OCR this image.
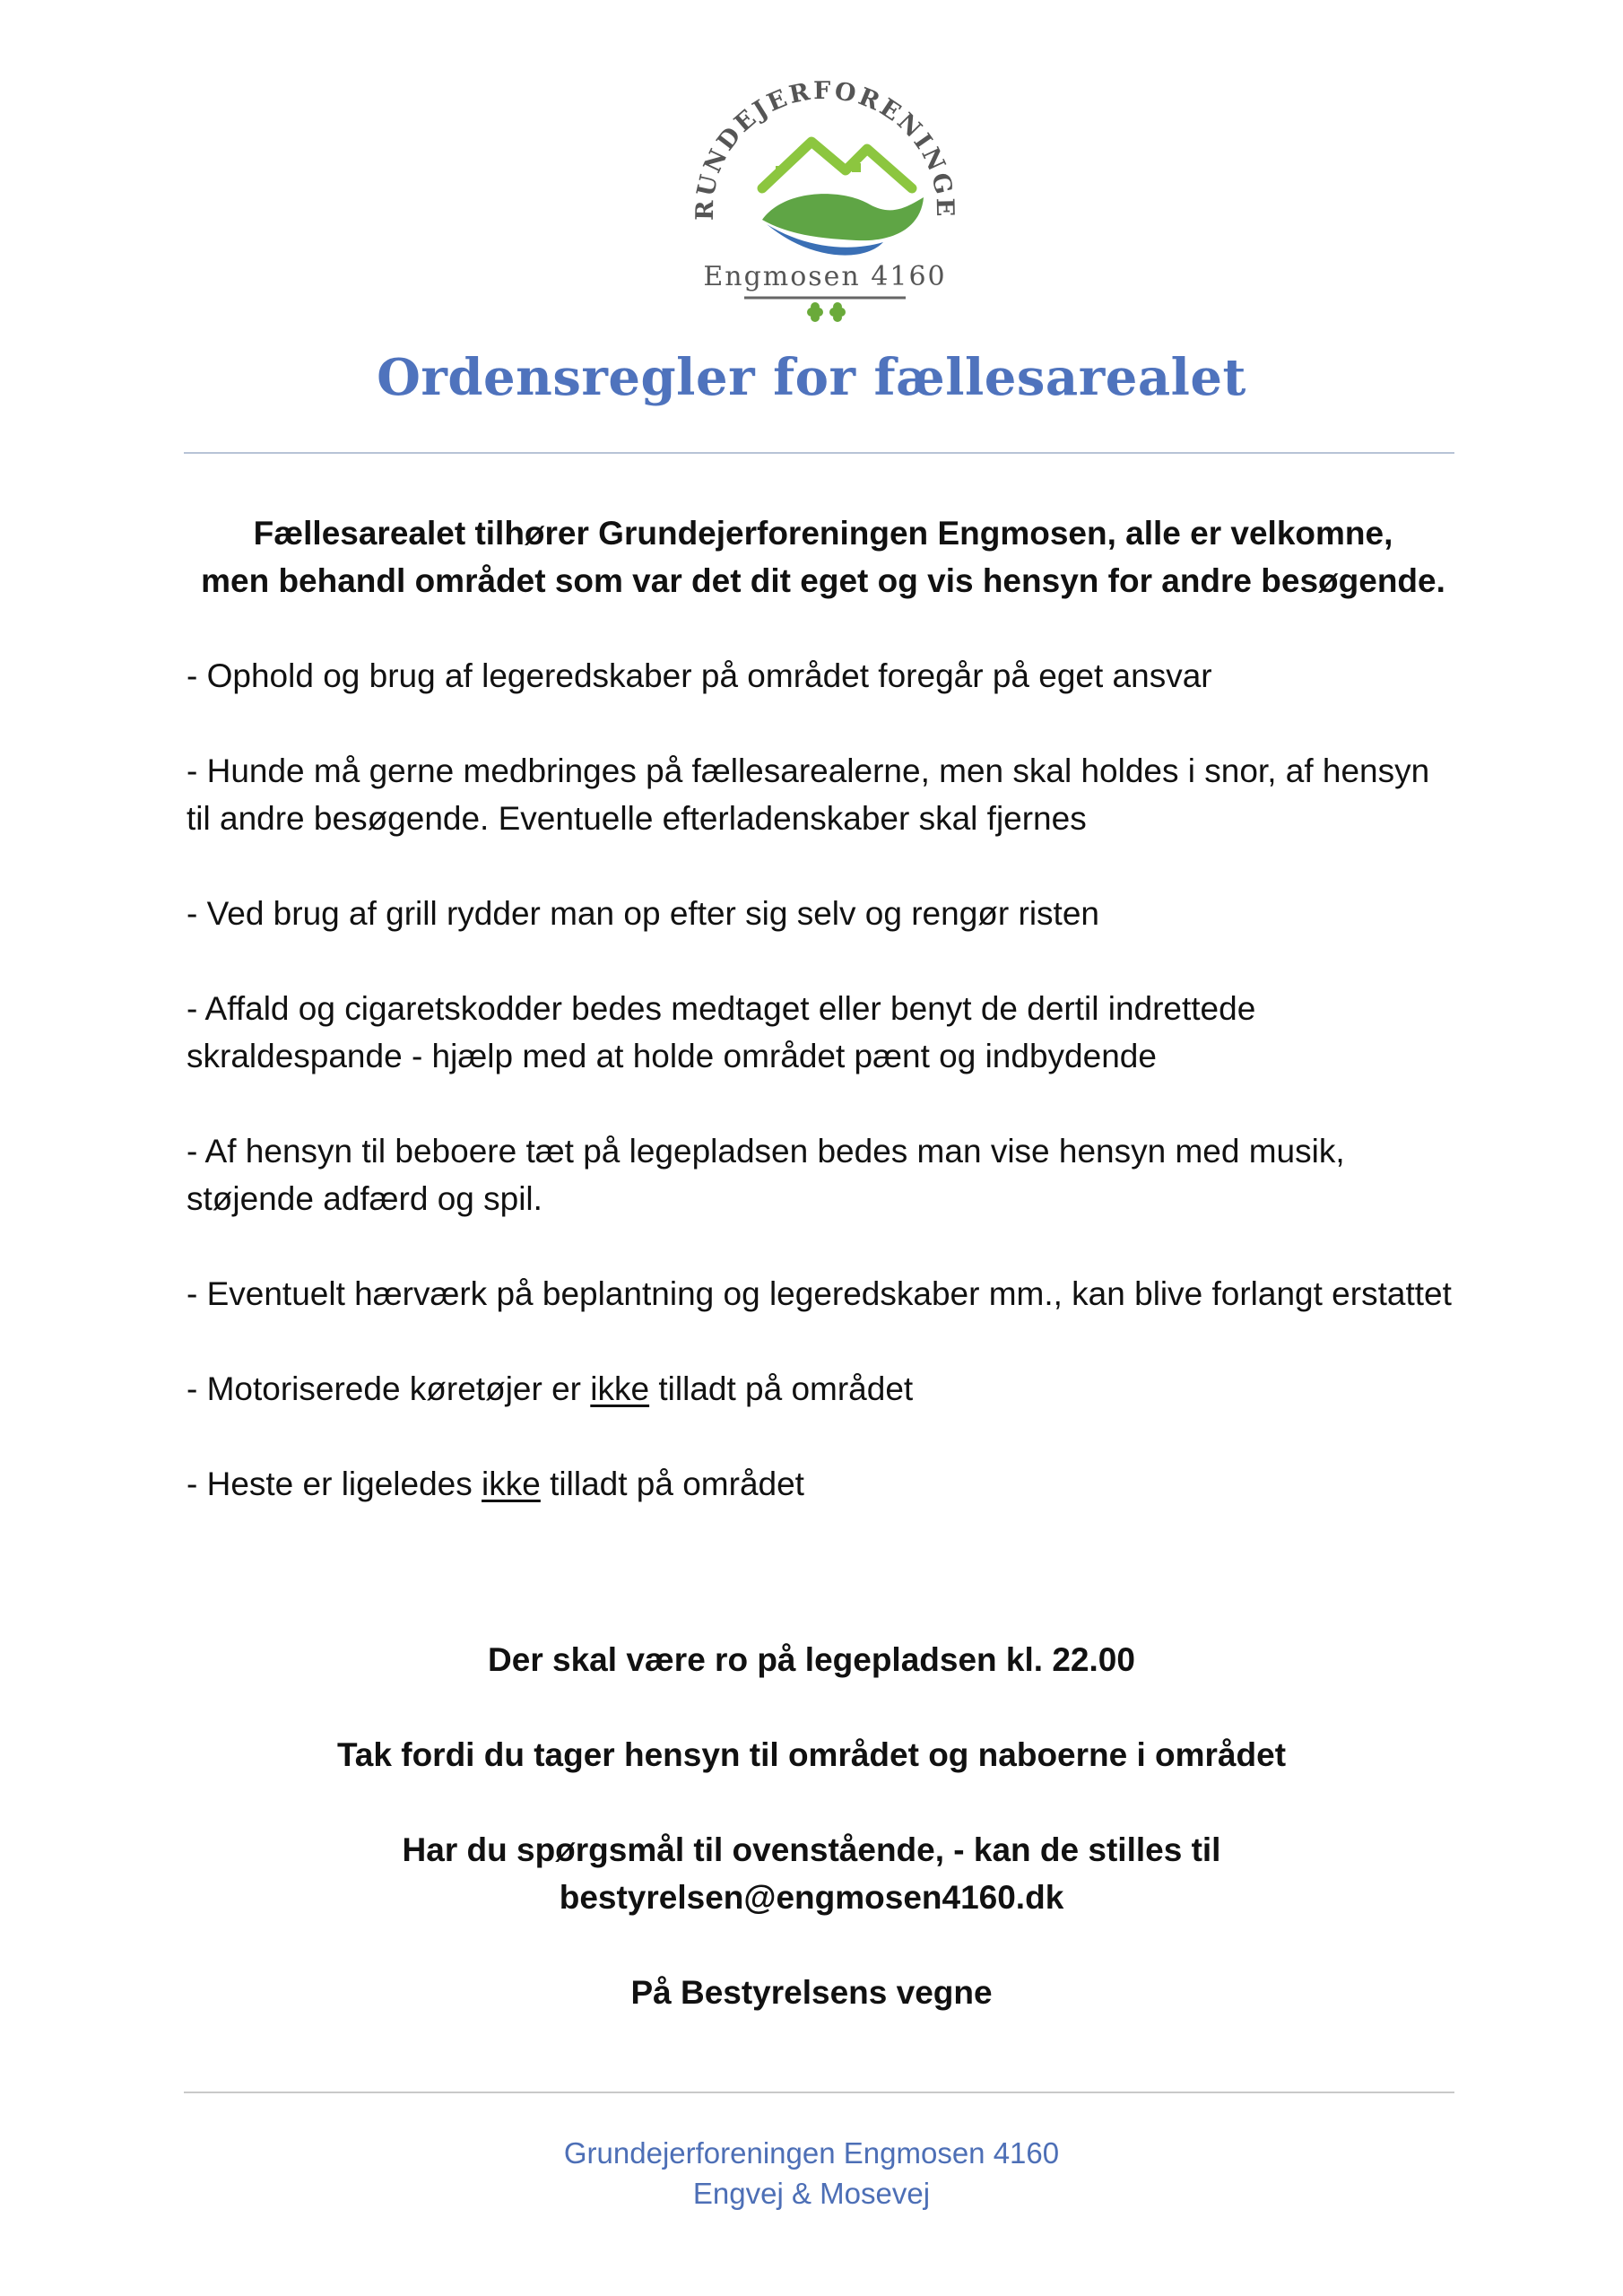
RUNDEJERFORENINGE
Engmosen 4160
Ordensregler for fællesarealet

Fællesarealet tilhører Grundejerforeningen Engmosen, alle er velkomne,
men behandl området som var det dit eget og vis hensyn for andre besøgende.

- Ophold og brug af legeredskaber på området foregår på eget ansvar
- Hunde må gerne medbringes på fællesarealerne, men skal holdes i snor, af hensyn til andre besøgende. Eventuelle efterladenskaber skal fjernes
- Ved brug af grill rydder man op efter sig selv og rengør risten
- Affald og cigaretskodder bedes medtaget eller benyt de dertil indrettede skraldespande - hjælp med at holde området pænt og indbydende
- Af hensyn til beboere tæt på legepladsen bedes man vise hensyn med musik, støjende adfærd og spil.
- Eventuelt hærværk på beplantning og legeredskaber mm., kan blive forlangt erstattet
- Motoriserede køretøjer er ikke tilladt på området
- Heste er ligeledes ikke tilladt på området

Der skal være ro på legepladsen kl. 22.00

Tak fordi du tager hensyn til området og naboerne i området

Har du spørgsmål til ovenstående, - kan de stilles til
bestyrelsen@engmosen4160.dk

På Bestyrelsens vegne

Grundejerforeningen Engmosen 4160
Engvej & Mosevej
